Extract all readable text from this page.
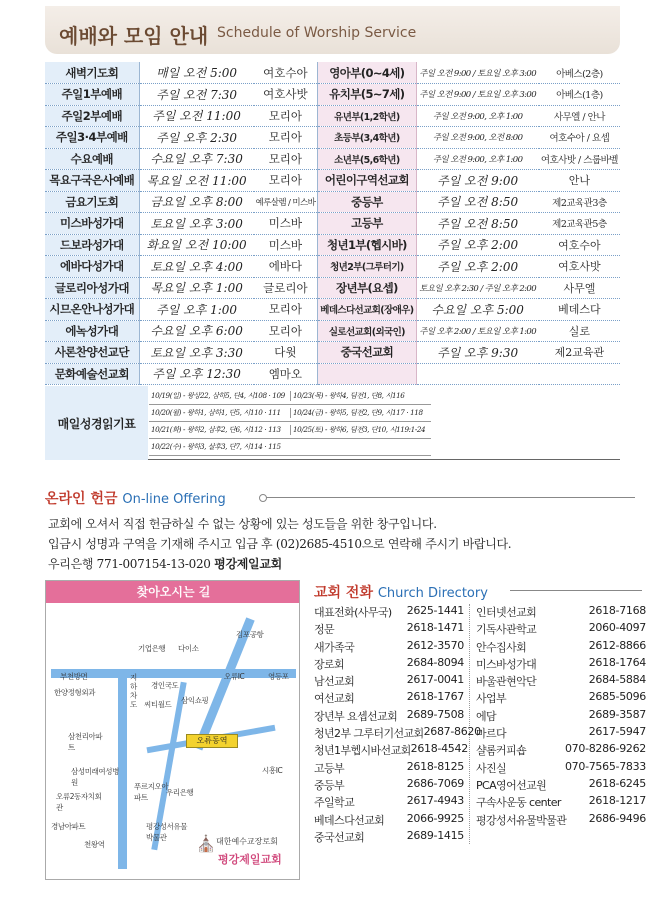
예배와 모임 안내 Schedule of Worship Service
새벽기도회	매일 오전 5:00	여호수아	영아부(0~4세)	주일 오전 9:00 / 토요일 오후 3:00	아베스(2층)
주일1부예배	주일 오전 7:30	여호사밧	유치부(5~7세)	주일 오전 9:00 / 토요일 오후 3:00	아베스(1층)
주일2부예배	주일 오전 11:00	모리아	유년부(1,2학년)	주일 오전 9:00, 오후 1:00	사무엘 / 안나
주일3·4부예배	주일 오후 2:30	모리아	초등부(3,4학년)	주일 오전 9:00, 오전 8:00	여호수아 / 요셉
수요예배	수요일 오후 7:30	모리아	소년부(5,6학년)	주일 오전 9:00, 오후 1:00	여호사밧 / 스룹바벨
목요구국은사예배	목요일 오전 11:00	모리아	어린이구역선교회	주일 오전 9:00	안나
금요기도회	금요일 오후 8:00	예루살렘 / 미스바	중등부	주일 오전 8:50	제2교육관3층
미스바성가대	토요일 오후 3:00	미스바	고등부	주일 오전 8:50	제2교육관5층
드보라성가대	화요일 오전 10:00	미스바	청년1부(헵시바)	주일 오후 2:00	여호수아
에바다성가대	토요일 오후 4:00	에바다	청년2부(그루터기)	주일 오후 2:00	여호사밧
글로리아성가대	목요일 오후 1:00	글로리아	장년부(요셉)	토요일 오후 2:30 / 주일 오후 2:00	사무엘
시므온안나성가대	주일 오후 1:00	모리아	베데스다선교회(장애우)	수요일 오후 5:00	베데스다
에녹성가대	수요일 오후 6:00	모리아	실로선교회(외국인)	주일 오후 2:00 / 토요일 오후 1:00	실로
사론찬양선교단	토요일 오후 3:30	다윗	중국선교회	주일 오후 9:30	제2교육관
문화예술선교회	주일 오후 12:30	엠마오			
매일성경읽기표
10/19(일) - 왕상22, 삼하5, 단4, 시108 · 109	10/23(목) - 왕하4, 딤전1, 단8, 시116
10/20(월) - 왕하1, 삼하1, 단5, 시110 · 111	10/24(금) - 왕하5, 딤전2, 단9, 시117 · 118
10/21(화) - 왕하2, 삼후2, 단6, 시112 · 113	10/25(토) - 왕하6, 딤전3, 단10, 시119:1-24
10/22(수) - 왕하3, 살후3, 단7, 시114 · 115
온라인 헌금 On-line Offering

교회에 오셔서 직접 헌금하실 수 없는 상황에 있는 성도들을 위한 창구입니다.

입금시 성명과 구역을 기재해 주시고 입금 후 (02)2685-4510으로 연락해 주시기 바랍니다.

우리은행 771-007154-13-020 평강제일교회

찾아오시는 길
김포공항
기업은행 다이소
경인국도
오류IC	영등포
부천방면
한양정형외과
씨티월드 삼익쇼핑
오류동역
삼천리아파트
삼성미래여성병원
오류2동자치회관
푸르지오아파트
우리은행
평강성서유물박물관
경남아파트
천왕역
시흥IC
지하차도
⛪ 대한예수교장로회
평강제일교회
교회 전화 Church Directory
대표전화(사무국) 2625-1441
정문	2618-1471
새가족국	2612-3570
장로회	2684-8094
남선교회	2617-0041
여선교회	2618-1767
장년부 요셉선교회 2689-7508
청년2부 그루터기선교회 2687-8620
청년1부헵시바선교회 2618-4542
고등부	2618-8125
중등부	2686-7069
주일학교	2617-4943
베데스다선교회 2066-9925
중국선교회	2689-1415
인터넷선교회	2618-7168
기독사관학교	2060-4097
안수집사회	2612-8866
미스바성가대	2618-1764
바울관현악단	2684-5884
사업부	2685-5096
에담	2689-3587
마르다	2617-5947
샬롬커피숍	070-8286-9262
사진실	070-7565-7833
PCA영어선교원	2618-6245
구속사운동 center	2618-1217
평강성서유물박물관 2686-9496
